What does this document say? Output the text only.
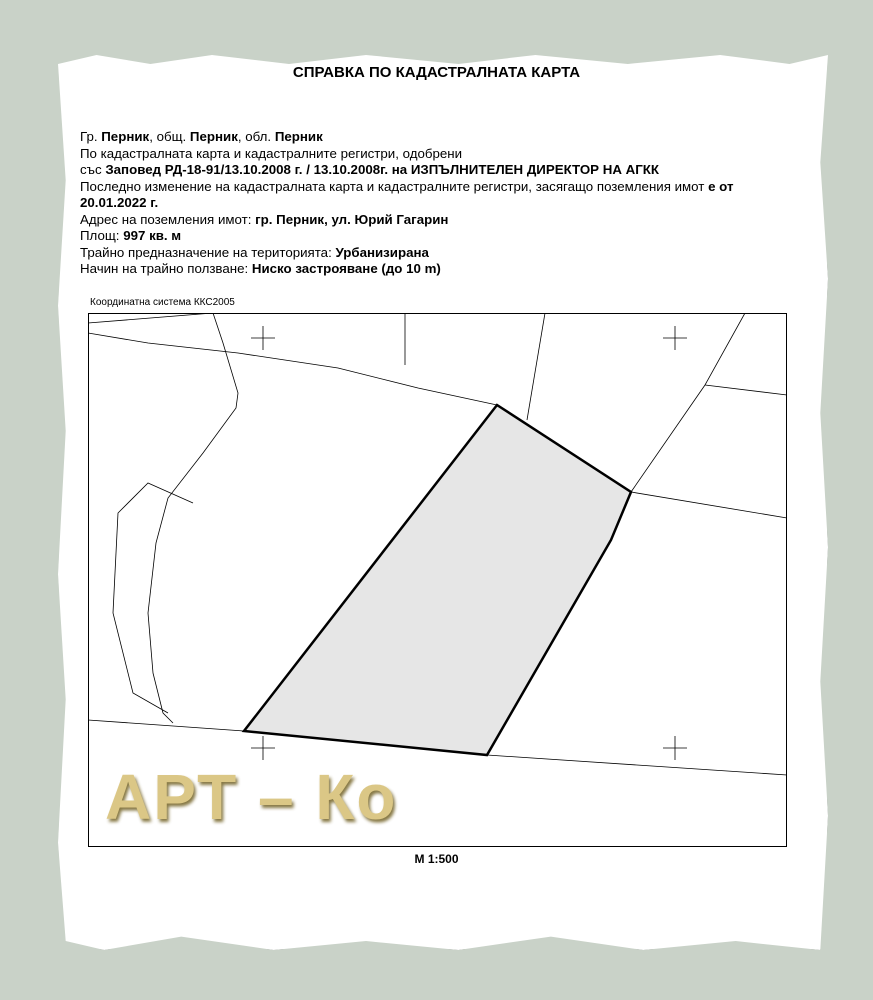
СПРАВКА ПО КАДАСТРАЛНАТА КАРТА
Гр. Перник, общ. Перник, обл. Перник
По кадастралната карта и кадастралните регистри, одобрени
със Заповед РД-18-91/13.10.2008 г. / 13.10.2008г. на ИЗПЪЛНИТЕЛЕН ДИРЕКТОР НА АГКК
Последно изменение на кадастралната карта и кадастралните регистри, засягащо поземления имот е от 20.01.2022 г.
Адрес на поземления имот: гр. Перник, ул. Юрий Гагарин
Площ: 997 кв. м
Трайно предназначение на територията: Урбанизирана
Начин на трайно ползване: Ниско застрояване (до 10 m)
Координатна система ККС2005
АРТ – Ко
М 1:500
